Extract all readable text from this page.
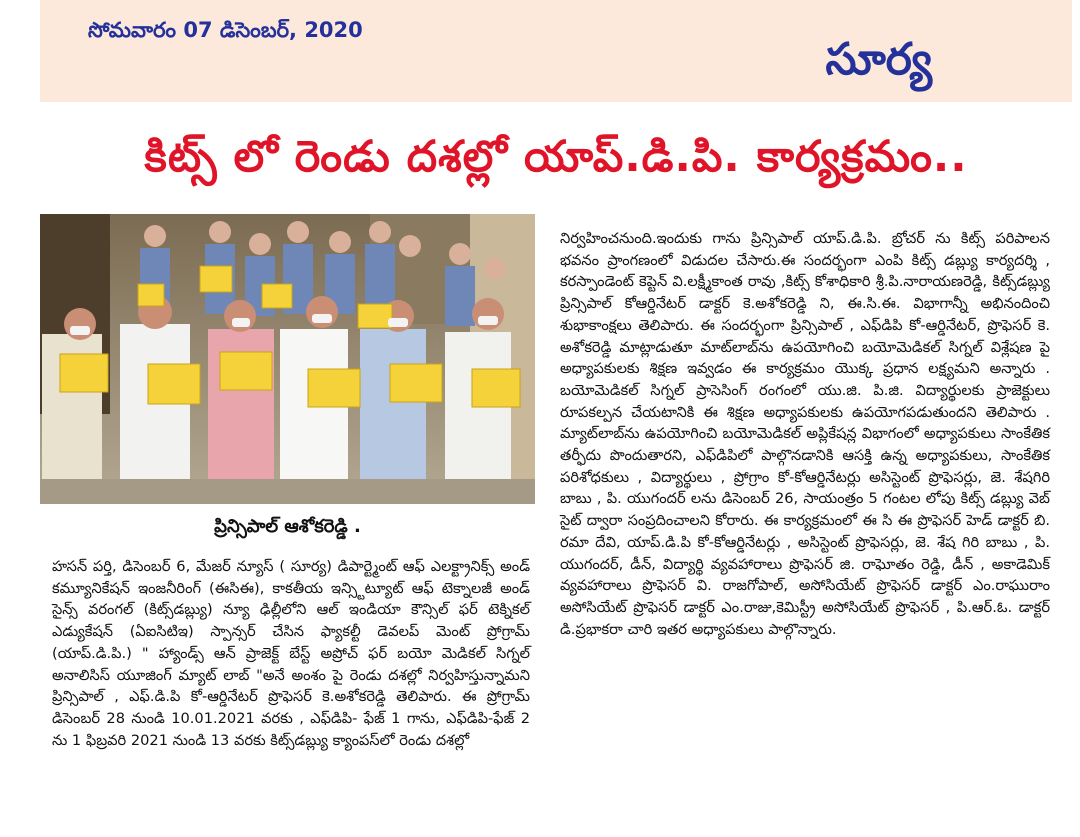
సోమవారం 07 డిసెంబర్, 2020
సూర్య
కిట్స్ లో రెండు దశల్లో యాప్.డి.పి. కార్యక్రమం..
ప్రిన్సిపాల్ ఆశోకరెడ్డి .

హసన్ పర్తి, డిసెంబర్ 6, మేజర్ న్యూస్ ( సూర్య) డిపార్ట్మెంట్ ఆఫ్ ఎలక్ట్రానిక్స్ అండ్ కమ్యూనికేషన్ ఇంజనీరింగ్ (ఈసిఈ), కాకతీయ ఇన్స్టిట్యూట్ ఆఫ్ టెక్నాలజీ అండ్ సైన్స్ వరంగల్ (కిట్స్‌డబ్ల్యు) న్యూ ఢిల్లీలోని ఆల్ ఇండియా కౌన్సిల్ ఫర్ టెక్నికల్ ఎడ్యుకేషన్ (ఏఐసిటిఇ) స్పాన్సర్ చేసిన ఫ్యాకల్టీ డెవలప్ మెంట్ ప్రోగ్రామ్ (యాప్.డి.పి.) " హ్యాండ్స్ ఆన్ ప్రాజెక్ట్ బేస్ట్ అప్రోచ్ ఫర్ బయో మెడికల్ సిగ్నల్ అనాలిసిస్ యూజింగ్ మ్యాట్ లాబ్ "అనే అంశం పై రెండు దశల్లో నిర్వహిస్తున్నామని ప్రిన్సిపాల్ , ఎఫ్.డి.పి కో-ఆర్డినేటర్ ప్రొఫెసర్ కె.అశోకరెడ్డి తెలిపారు. ఈ ప్రోగ్రామ్ డిసెంబర్ 28 నుండి 10.01.2021 వరకు , ఎఫ్‌డిపి- ఫేజ్ 1 గాను, ఎఫ్‌డిపి-ఫేజ్ 2 ను 1 ఫిబ్రవరి 2021 నుండి 13 వరకు కిట్స్‌డబ్ల్యు క్యాంపస్‌లో రెండు దశల్లో

నిర్వహించనుంది.ఇందుకు గాను ప్రిన్సిపాల్ యాప్.డి.పి. బ్రోచర్ ను కిట్స్ పరిపాలన భవనం ప్రాంగణంలో విడుదల చేసారు.ఈ సందర్భంగా ఎంపి కిట్స్ డబ్ల్యు కార్యదర్శి , కరస్పాండెంట్ కెప్టెన్ వి.లక్ష్మీకాంత రావు ,కిట్స్ కోశాధికారి శ్రీ.పి.నారాయణరెడ్డి, కిట్స్‌డబ్ల్యు ప్రిన్సిపాల్ కోఆర్డినేటర్ డాక్టర్ కె.అశోకరెడ్డి ని, ఈ.సి.ఈ. విభాగాన్నీ అభినందించి శుభాకాంక్షలు తెలిపారు. ఈ సందర్భంగా ప్రిన్సిపాల్ , ఎఫ్‌డిపి కో-ఆర్డినేటర్, ప్రొఫెసర్ కె. అశోకరెడ్డి మాట్లాడుతూ మాట్‌లాబ్‌ను ఉపయోగించి బయోమెడికల్ సిగ్నల్ విశ్లేషణ పై అధ్యాపకులకు శిక్షణ ఇవ్వడం ఈ కార్యక్రమం యొక్క ప్రధాన లక్ష్యమని అన్నారు . బయోమెడికల్ సిగ్నల్ ప్రాసెసింగ్ రంగంలో యు.జి. పి.జి. విద్యార్థులకు ప్రాజెక్టులు రూపకల్పన చేయటానికి ఈ శిక్షణ అధ్యాపకులకు ఉపయోగపడుతుందని తెలిపారు . మ్యాట్‌లాబ్‌ను ఉపయోగించి బయోమెడికల్ అప్లికేషన్ల విభాగంలో అధ్యాపకులు సాంకేతిక తర్ఫీదు పొందుతారని, ఎఫ్‌డిపిలో పాల్గొనడానికి ఆసక్తి ఉన్న అధ్యాపకులు, సాంకేతిక పరిశోధకులు , విద్యార్థులు , ప్రోగ్రాం కో-కోఆర్డినేటర్లు అసిస్టెంట్ ప్రొఫెసర్లు, జె. శేషగిరి బాబు , పి. యుగందర్ లను డిసెంబర్ 26, సాయంత్రం 5 గంటల లోపు కిట్స్ డబ్ల్యు వెబ్ సైట్ ద్వారా సంప్రదించాలని కోరారు. ఈ కార్యక్రమంలో ఈ సి ఈ ప్రొఫెసర్ హెడ్ డాక్టర్ బి. రమా దేవి, యాప్.డి.పి కో-కోఆర్డినేటర్లు , అసిస్టెంట్ ప్రొఫెసర్లు, జె. శేష గిరి బాబు , పి. యుగందర్, డీన్, విద్యార్థి వ్యవహారాలు ప్రొఫెసర్ జి. రాఘోతం రెడ్డి, డీన్ , అకాడెమిక్ వ్యవహారాలు ప్రొఫెసర్ వి. రాజగోపాల్, అసోసియేట్ ప్రొఫెసర్ డాక్టర్ ఎం.రాఘురాం అసోసియేట్ ప్రొఫెసర్ డాక్టర్ ఎం.రాజు,కెమిస్ట్రీ అసోసియేట్ ప్రొఫెసర్ , పి.ఆర్.ఓ. డాక్టర్ డి.ప్రభాకరా చారి ఇతర అధ్యాపకులు పాల్గొన్నారు.
